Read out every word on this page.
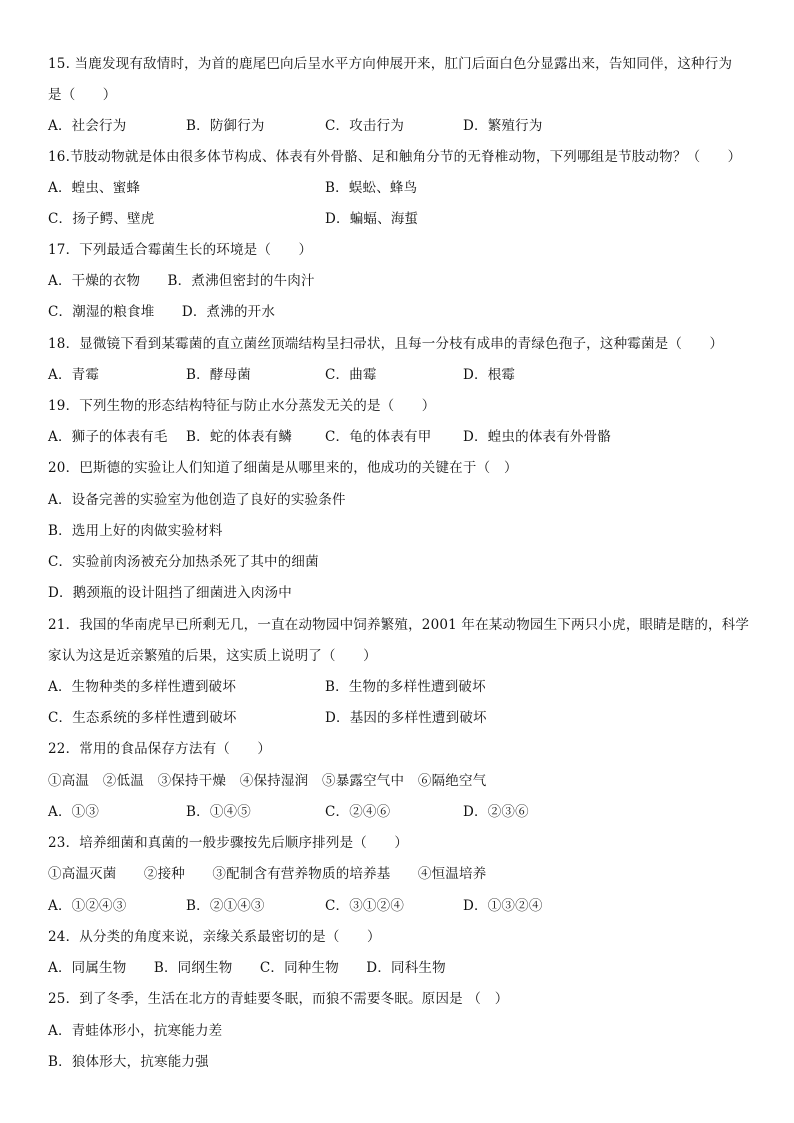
15. 当鹿发现有敌情时，为首的鹿尾巴向后呈水平方向伸展开来，肛门后面白色分显露出来，告知同伴，这种行为
是（　　）
A．社会行为	B．防御行为	C．攻击行为	D．繁殖行为
16.节肢动物就是体由很多体节构成、体表有外骨骼、足和触角分节的无脊椎动物，下列哪组是节肢动物？（　　）
A．蝗虫、蜜蜂	B．蜈蚣、蜂鸟
C．扬子鳄、壁虎	D．蝙蝠、海蜇
17．下列最适合霉菌生长的环境是（　　）
A．干燥的衣物　　B．煮沸但密封的牛肉汁
C．潮湿的粮食堆　　D．煮沸的开水
18．显微镜下看到某霉菌的直立菌丝顶端结构呈扫帚状，且每一分枝有成串的青绿色孢子，这种霉菌是（　　）
A．青霉	B．酵母菌	C．曲霉	D．根霉
19．下列生物的形态结构特征与防止水分蒸发无关的是（　　）
A．狮子的体表有毛 B．蛇的体表有鳞 C．龟的体表有甲 D．蝗虫的体表有外骨骼
20．巴斯德的实验让人们知道了细菌是从哪里来的，他成功的关键在于（　）
A．设备完善的实验室为他创造了良好的实验条件
B．选用上好的肉做实验材料
C．实验前肉汤被充分加热杀死了其中的细菌
D．鹅颈瓶的设计阻挡了细菌进入肉汤中
21．我国的华南虎早已所剩无几，一直在动物园中饲养繁殖，2001 年在某动物园生下两只小虎，眼睛是瞎的，科学
家认为这是近亲繁殖的后果，这实质上说明了（　　）
A．生物种类的多样性遭到破坏	B．生物的多样性遭到破坏
C．生态系统的多样性遭到破坏	D．基因的多样性遭到破坏
22．常用的食品保存方法有（　　）
①高温　②低温　③保持干燥　④保持湿润　⑤暴露空气中　⑥隔绝空气
A．①③	B．①④⑤	C．②④⑥	D．②③⑥
23．培养细菌和真菌的一般步骤按先后顺序排列是（　　）
①高温灭菌　　②接种　　③配制含有营养物质的培养基　　④恒温培养
A．①②④③	B．②①④③	C．③①②④	D．①③②④
24．从分类的角度来说，亲缘关系最密切的是（　　）
A．同属生物　　B．同纲生物　　C．同种生物　　D．同科生物
25．到了冬季，生活在北方的青蛙要冬眠，而狼不需要冬眠。原因是 （　）
A．青蛙体形小，抗寒能力差
B．狼体形大，抗寒能力强
